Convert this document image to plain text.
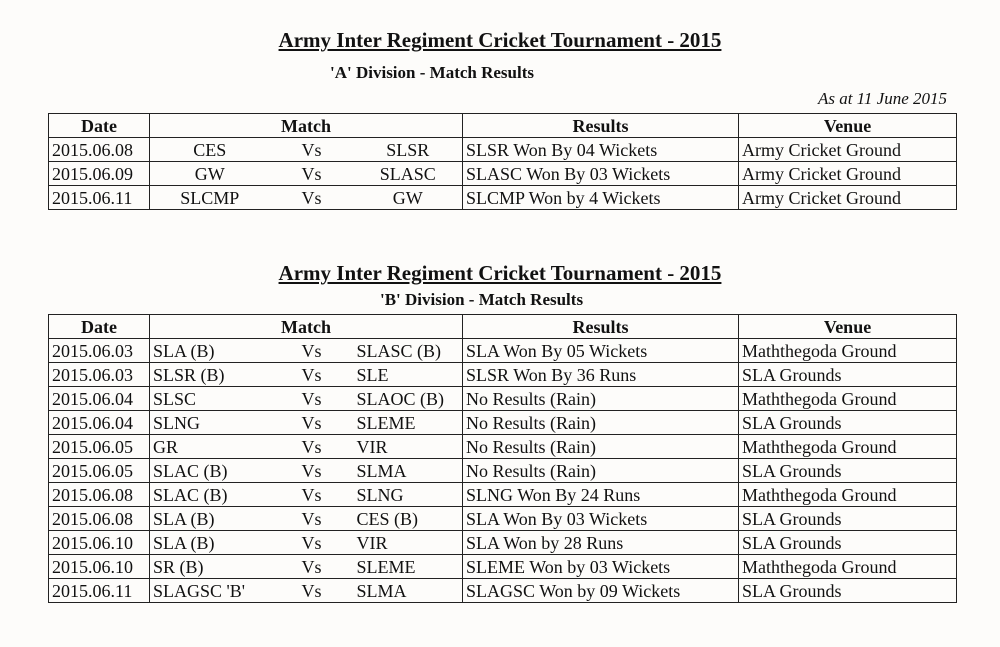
Army Inter Regiment Cricket Tournament - 2015
'A' Division - Match Results
As at 11 June 2015
Date	Match			Results	Venue
2015.06.08	CES	Vs	SLSR	SLSR Won By 04 Wickets	Army Cricket Ground
2015.06.09	GW	Vs	SLASC	SLASC Won By 03 Wickets	Army Cricket Ground
2015.06.11	SLCMP	Vs	GW	SLCMP Won by 4 Wickets	Army Cricket Ground
Army Inter Regiment Cricket Tournament - 2015
'B' Division - Match Results
Date	Match			Results	Venue
2015.06.03	SLA (B)	Vs	SLASC (B)	SLA Won By 05 Wickets	Maththegoda Ground
2015.06.03	SLSR (B)	Vs	SLE	SLSR Won By 36 Runs	SLA Grounds
2015.06.04	SLSC	Vs	SLAOC (B)	No Results (Rain)	Maththegoda Ground
2015.06.04	SLNG	Vs	SLEME	No Results (Rain)	SLA Grounds
2015.06.05	GR	Vs	VIR	No Results (Rain)	Maththegoda Ground
2015.06.05	SLAC (B)	Vs	SLMA	No Results (Rain)	SLA Grounds
2015.06.08	SLAC (B)	Vs	SLNG	SLNG Won By 24 Runs	Maththegoda Ground
2015.06.08	SLA (B)	Vs	CES (B)	SLA Won By 03 Wickets	SLA Grounds
2015.06.10	SLA (B)	Vs	VIR	SLA Won by 28 Runs	SLA Grounds
2015.06.10	SR (B)	Vs	SLEME	SLEME Won by 03 Wickets	Maththegoda Ground
2015.06.11	SLAGSC 'B'	Vs	SLMA	SLAGSC Won by 09 Wickets	SLA Grounds
